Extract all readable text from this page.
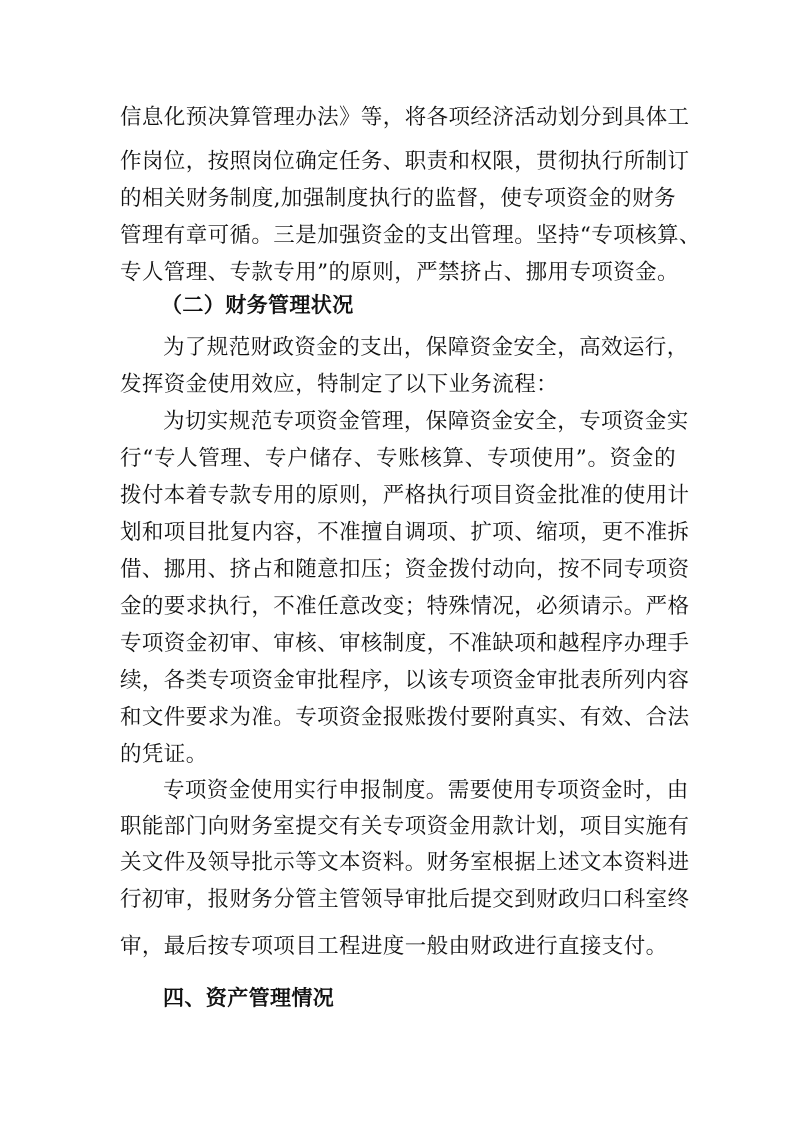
信息化预决算管理办法》等，将各项经济活动划分到具体工
作岗位，按照岗位确定任务、职责和权限，贯彻执行所制订
的相关财务制度,加强制度执行的监督，使专项资金的财务
管理有章可循。三是加强资金的支出管理。坚持“专项核算、
专人管理、专款专用”的原则，严禁挤占、挪用专项资金。
（二）财务管理状况
为了规范财政资金的支出，保障资金安全，高效运行，
发挥资金使用效应，特制定了以下业务流程：
为切实规范专项资金管理，保障资金安全，专项资金实
行“专人管理、专户储存、专账核算、专项使用”。资金的
拨付本着专款专用的原则，严格执行项目资金批准的使用计
划和项目批复内容，不准擅自调项、扩项、缩项，更不准拆
借、挪用、挤占和随意扣压；资金拨付动向，按不同专项资
金的要求执行，不准任意改变；特殊情况，必须请示。严格
专项资金初审、审核、审核制度，不准缺项和越程序办理手
续，各类专项资金审批程序，以该专项资金审批表所列内容
和文件要求为准。专项资金报账拨付要附真实、有效、合法
的凭证。
专项资金使用实行申报制度。需要使用专项资金时，由
职能部门向财务室提交有关专项资金用款计划，项目实施有
关文件及领导批示等文本资料。财务室根据上述文本资料进
行初审，报财务分管主管领导审批后提交到财政归口科室终
审，最后按专项项目工程进度一般由财政进行直接支付。
四、资产管理情况
